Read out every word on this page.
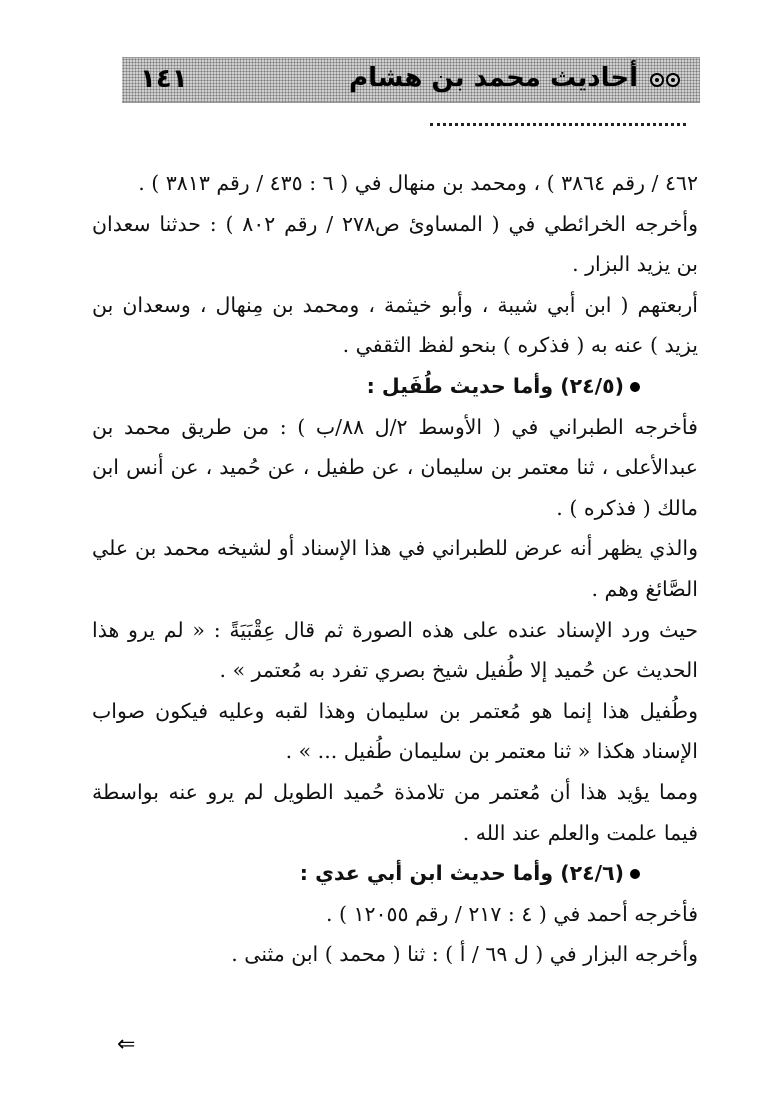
أحاديث محمد بن هشام
١٤١

٤٦٢ / رقم ٣٨٦٤ ) ، ومحمد بن منهال في ( ٦ : ٤٣٥ / رقم ٣٨١٣ ) .

وأخرجه الخرائطي في ( المساوئ ص٢٧٨ / رقم ٨٠٢ ) : حدثنا سعدان بن يزيد البزار .

أربعتهم ( ابن أبي شيبة ، وأبو خيثمة ، ومحمد بن مِنهال ، وسعدان بن يزيد ) عنه به ( فذكره ) بنحو لفظ الثقفي .

(٢٤/٥) وأما حديث طُفَيل :

فأخرجه الطبراني في ( الأوسط ٢/ل ٨٨/ب ) : من طريق محمد بن عبدالأعلى ، ثنا معتمر بن سليمان ، عن طفيل ، عن حُميد ، عن أنس ابن مالك ( فذكره ) .

والذي يظهر أنه عرض للطبراني في هذا الإسناد أو لشيخه محمد بن علي الصَّائغ وهم .

حيث ورد الإسناد عنده على هذه الصورة ثم قال عِقْبَيَةً : « لم يرو هذا الحديث عن حُميد إلا طُفيل شيخ بصري تفرد به مُعتمر » .

وطُفيل هذا إنما هو مُعتمر بن سليمان وهذا لقبه وعليه فيكون صواب الإسناد هكذا « ثنا معتمر بن سليمان طُفيل ... » .

ومما يؤيد هذا أن مُعتمر من تلامذة حُميد الطويل لم يرو عنه بواسطة فيما علمت والعلم عند الله .

(٢٤/٦) وأما حديث ابن أبي عدي :

فأخرجه أحمد في ( ٤ : ٢١٧ / رقم ١٢٠٥٥ ) .

وأخرجه البزار في ( ل ٦٩ / أ ) : ثنا ( محمد ) ابن مثنى .

⇐
